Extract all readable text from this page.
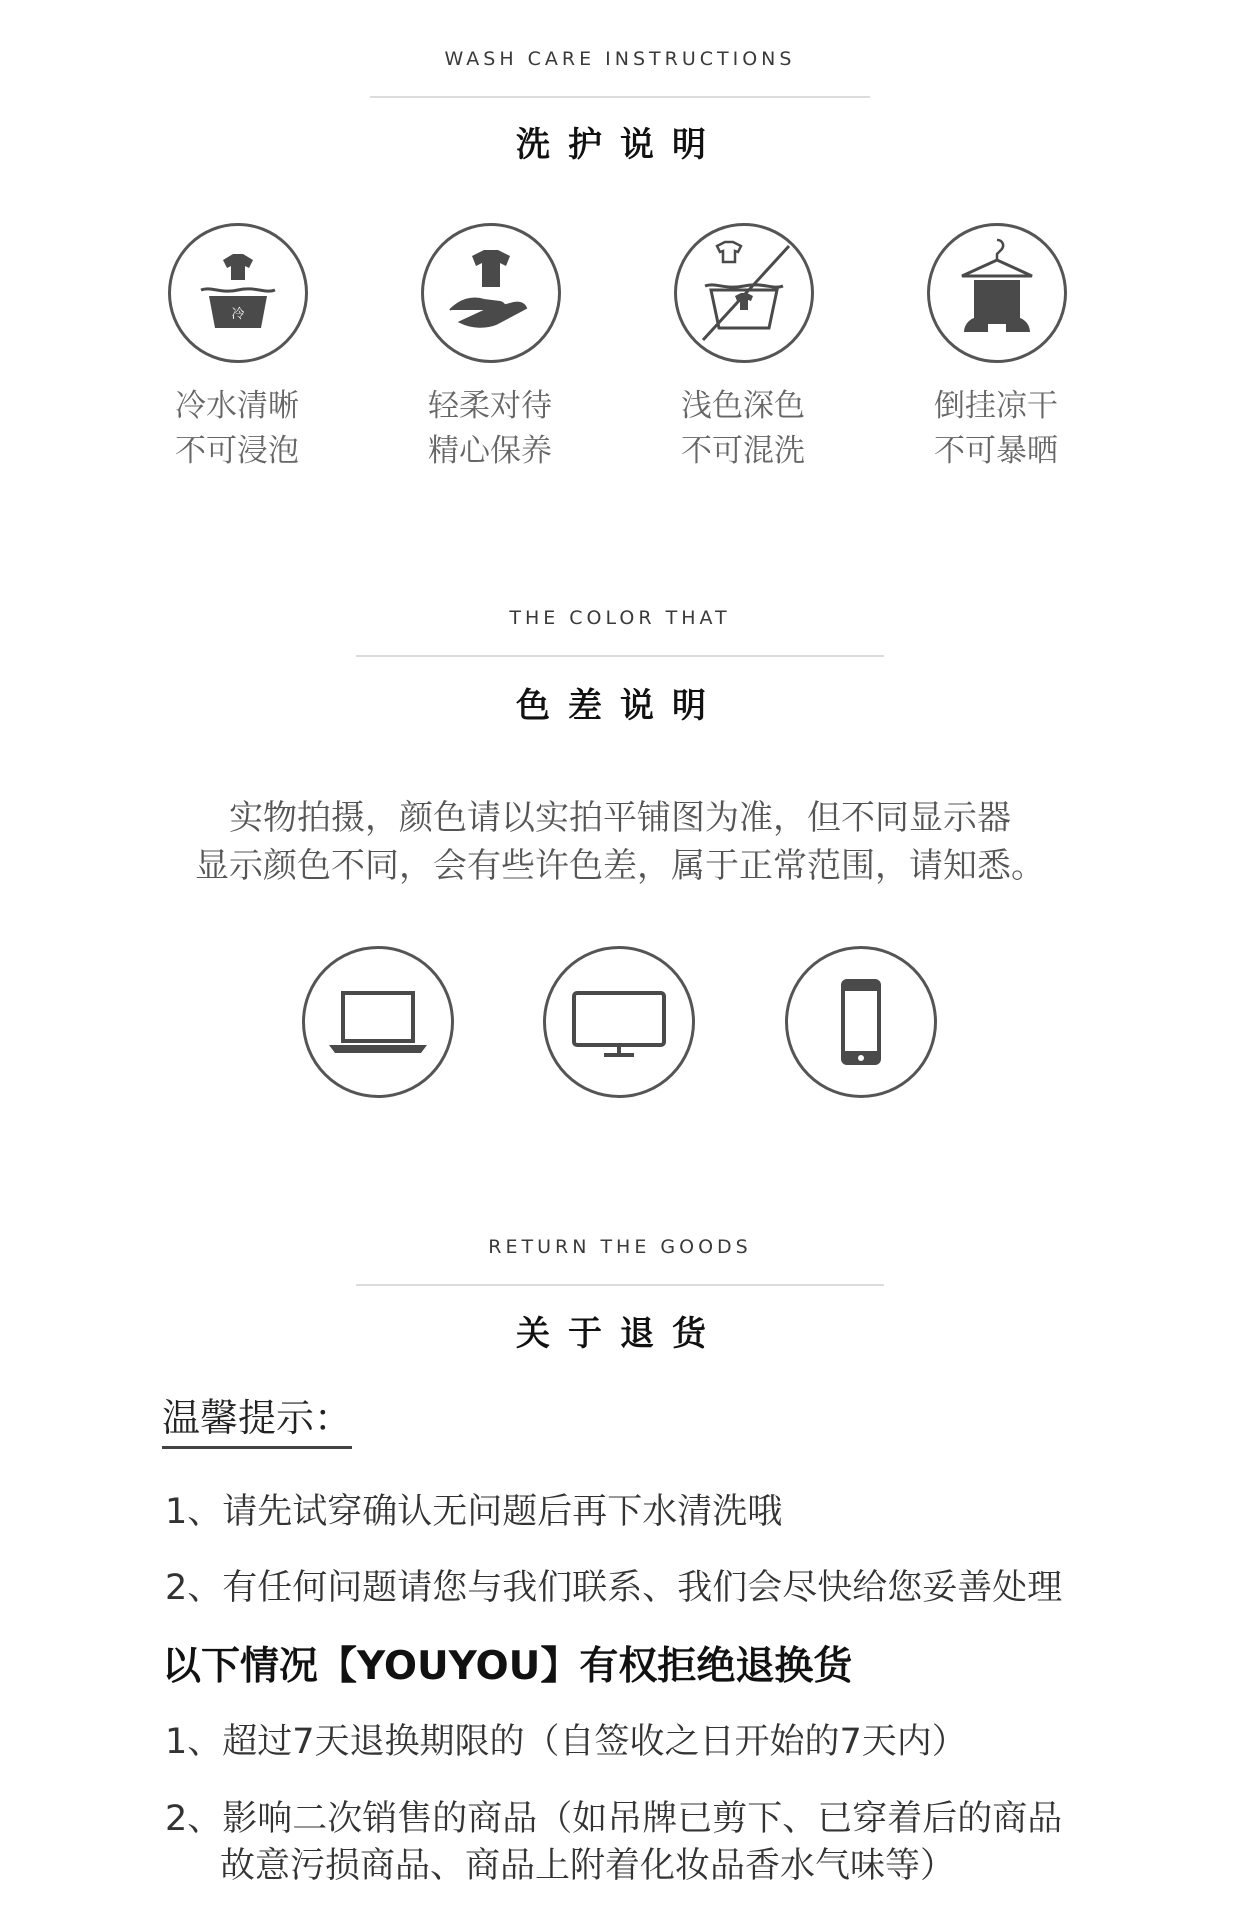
WASH CARE INSTRUCTIONS
洗护说明
冷
冷水清晰
不可浸泡
轻柔对待
精心保养
浅色深色
不可混洗
倒挂凉干
不可暴晒
THE COLOR THAT
色差说明
实物拍摄，颜色请以实拍平铺图为准，但不同显示器
显示颜色不同，会有些许色差，属于正常范围，请知悉。
RETURN THE GOODS
关于退货
温馨提示：
1、请先试穿确认无问题后再下水清洗哦
2、有任何问题请您与我们联系、我们会尽快给您妥善处理
以下情况【YOUYOU】有权拒绝退换货
1、超过7天退换期限的（自签收之日开始的7天内）
2、影响二次销售的商品（如吊牌已剪下、已穿着后的商品
故意污损商品、商品上附着化妆品香水气味等）
